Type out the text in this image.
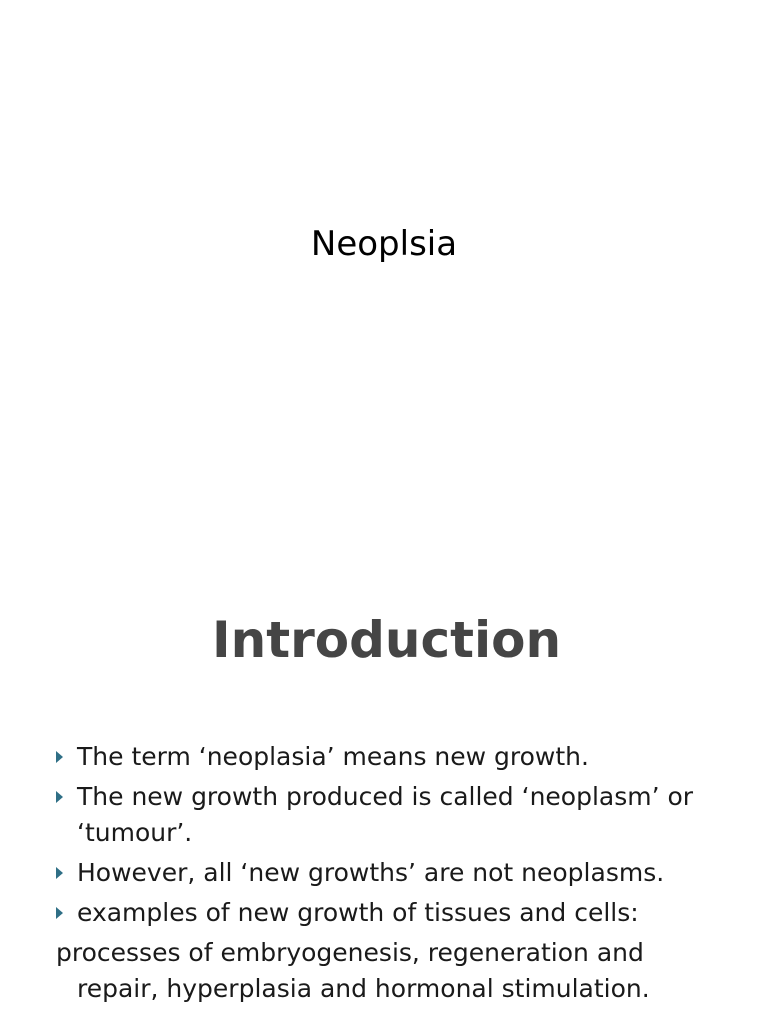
Neoplsia
Introduction
The term ‘neoplasia’ means new growth.
The new growth produced is called ‘neoplasm’ or ‘tumour’.
However, all ‘new growths’ are not neoplasms.
examples of new growth of tissues and cells:
processes of embryogenesis, regeneration and
repair, hyperplasia and hormonal stimulation.
